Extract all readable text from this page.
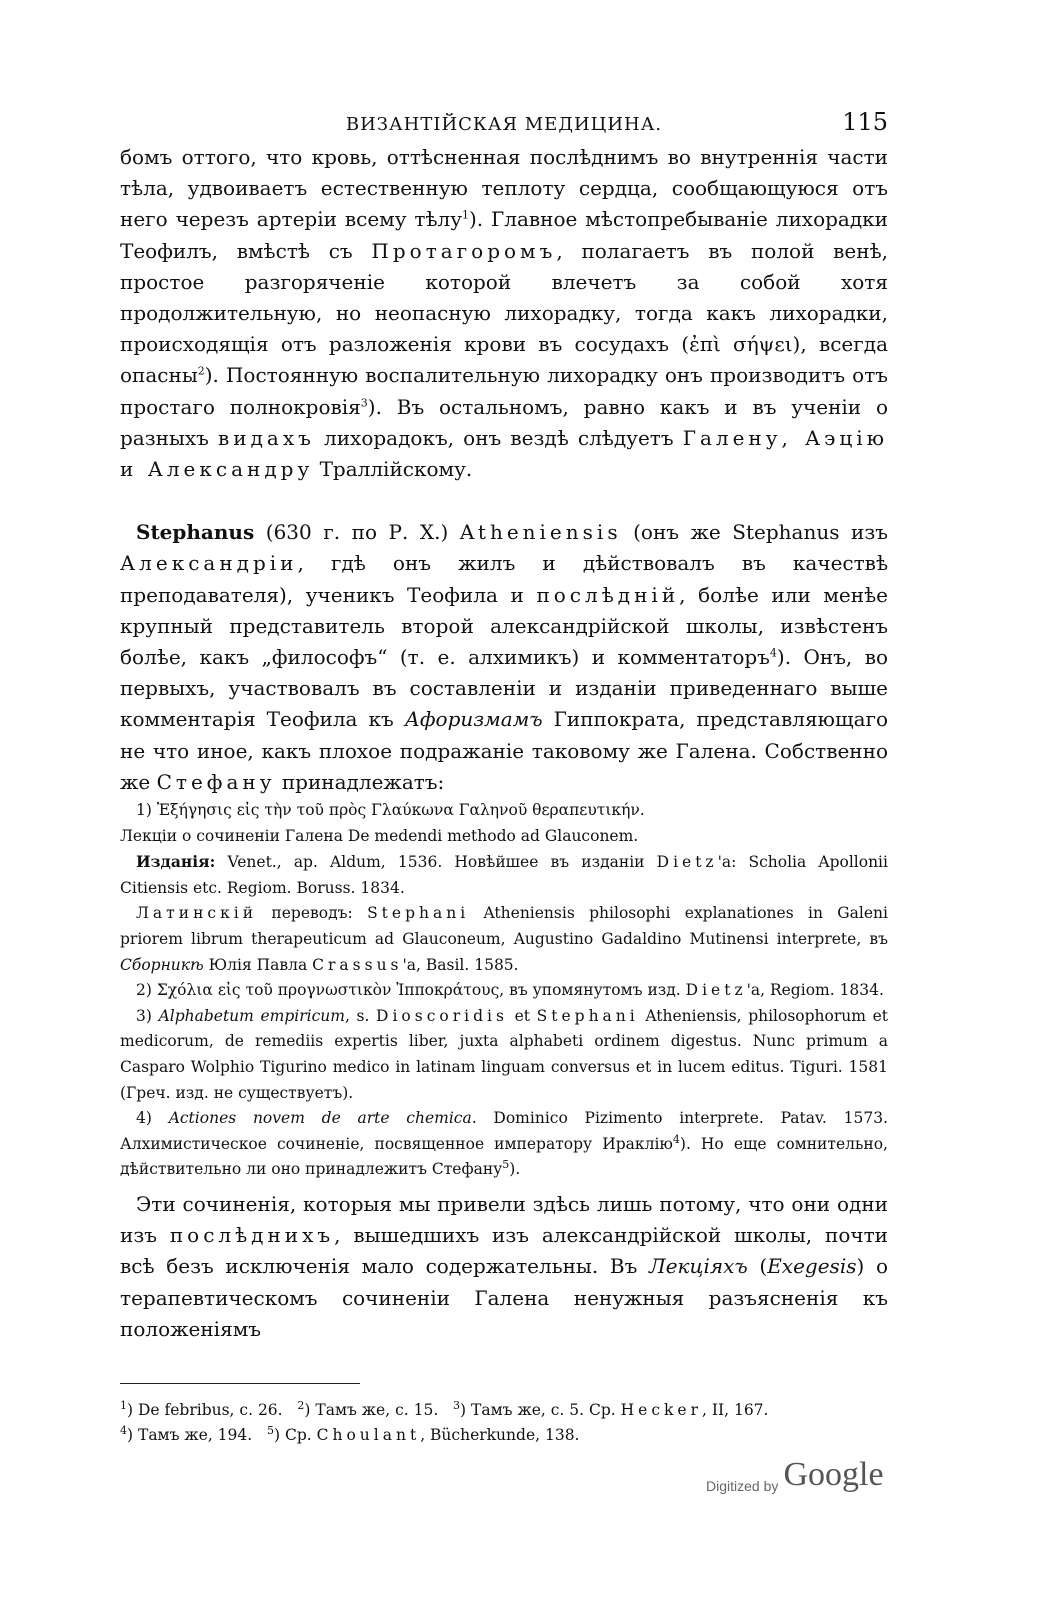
ВИЗАНТІЙСКАЯ МЕДИЦИНА.	115

бомъ оттого, что кровь, оттѣсненная послѣднимъ во внутреннія части тѣла, удвоиваетъ естественную теплоту сердца, сообщающуюся отъ него черезъ артеріи всему тѣлу$^1$). Главное мѣстопребываніе лихорадки Теофилъ, вмѣстѣ съ Протагоромъ, полагаетъ въ полой венѣ, простое разгоряченіе которой влечетъ за собой хотя продолжительную, но неопасную лихорадку, тогда какъ лихорадки, происходящія отъ разложенія крови въ сосудахъ (ἐπὶ σήψει), всегда опасны$^2$). Постоянную воспалительную лихорадку онъ производитъ отъ простаго полнокровія$^3$). Въ остальномъ, равно какъ и въ ученіи о разныхъ видахъ лихорадокъ, онъ вездѣ слѣдуетъ Галену, Аэцію и Александру Траллійскому.

Stephanus (630 г. по Р. X.) Atheniensis (онъ же Stephanus изъ Александріи, гдѣ онъ жилъ и дѣйствовалъ въ качествѣ преподавателя), ученикъ Теофила и послѣдній, болѣе или менѣе крупный представитель второй александрійской школы, извѣстенъ болѣе, какъ „философъ“ (т. е. алхимикъ) и комментаторъ$^4$). Онъ, во первыхъ, участвовалъ въ составленіи и изданіи приведеннаго выше комментарія Теофила къ Афоризмамъ Гиппократа, представляющаго не что иное, какъ плохое подражаніе таковому же Галена. Собственно же Стефану принадлежатъ:

1) Ἐξήγησις εἰς τὴν τοῦ πρὸς Γλαύκωνα Γαληνοῦ θεραπευτικήν.
Лекціи о сочиненіи Галена De medendi methodo ad Glauconem.

Изданія: Venet., ap. Aldum, 1536. Новѣйшее въ изданіи Dietz'a: Scholia Apollonii Citiensis etc. Regiom. Boruss. 1834.

Латинскій переводъ: Stephani Atheniensis philosophi explanationes in Galeni priorem librum therapeuticum ad Glauconeum, Augustino Gadaldino Mutinensi interprete, въ Сборникѣ Юлія Павла Crassus'a, Basil. 1585.

2) Σχόλια εἰς τοῦ προγνωστικὸν Ἱπποκράτους, въ упомянутомъ изд. Dietz'a, Regiom. 1834.

3) Alphabetum empiricum, s. Dioscoridis et Stephani Atheniensis, philosophorum et medicorum, de remediis expertis liber, juxta alphabeti ordinem digestus. Nunc primum a Casparo Wolphio Tigurino medico in latinam linguam conversus et in lucem editus. Tiguri. 1581 (Греч. изд. не существуетъ).

4) Actiones novem de arte chemica. Dominico Pizimento interprete. Patav. 1573. Алхимистическое сочиненіе, посвященное императору Ираклію$^4$). Но еще сомнительно, дѣйствительно ли оно принадлежитъ Стефану$^5$).

Эти сочиненія, которыя мы привели здѣсь лишь потому, что они одни изъ послѣднихъ, вышедшихъ изъ александрійской школы, почти всѣ безъ исключенія мало содержательны. Въ Лекціяхъ (Exegesis) о терапевтическомъ сочиненіи Галена ненужныя разъясненія къ положеніямъ

$^1$) De febribus, c. 26. $^2$) Тамъ же, с. 15. $^3$) Тамъ же, с. 5. Ср. Hecker, II, 167.
$^4$) Тамъ же, 194. $^5$) Ср. Choulant, Bücherkunde, 138.

Digitized by Google
